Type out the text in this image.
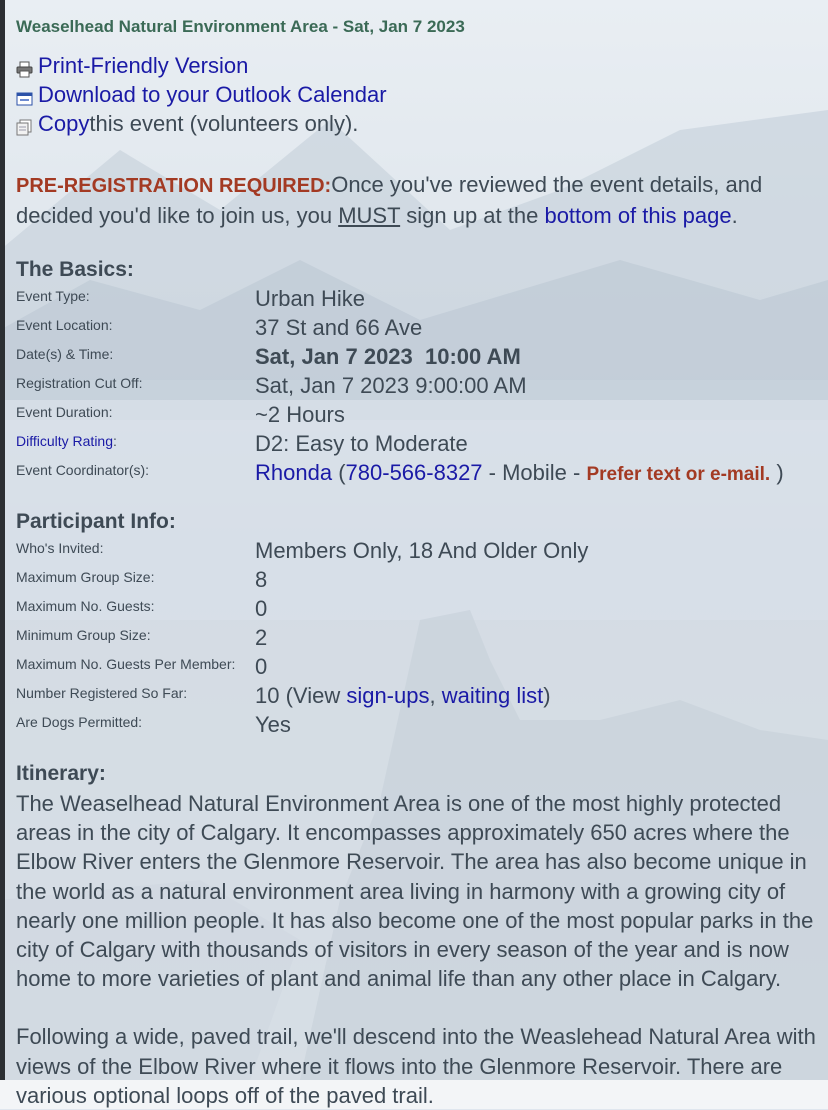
Weaselhead Natural Environment Area - Sat, Jan 7 2023
Print-Friendly Version
Download to your Outlook Calendar
Copy this event (volunteers only).
PRE-REGISTRATION REQUIRED:Once you've reviewed the event details, and decided you'd like to join us, you MUST sign up at the bottom of this page.
The Basics:
Event Type:	Urban Hike
Event Location:	37 St and 66 Ave
Date(s) & Time:	Sat, Jan 7 2023  10:00 AM
Registration Cut Off:	Sat, Jan 7 2023 9:00:00 AM
Event Duration:	~2 Hours
Difficulty Rating:	D2: Easy to Moderate
Event Coordinator(s):	Rhonda (780-566-8327 - Mobile - Prefer text or e-mail. )
Participant Info:
Who's Invited:	Members Only, 18 And Older Only
Maximum Group Size:	8
Maximum No. Guests:	0
Minimum Group Size:	2
Maximum No. Guests Per Member: 0
Number Registered So Far:	10 (View sign-ups, waiting list)
Are Dogs Permitted:	Yes
Itinerary:

The Weaselhead Natural Environment Area is one of the most highly protected

areas in the city of Calgary. It encompasses approximately 650 acres where the

Elbow River enters the Glenmore Reservoir. The area has also become unique in

the world as a natural environment area living in harmony with a growing city of

nearly one million people. It has also become one of the most popular parks in the

city of Calgary with thousands of visitors in every season of the year and is now

home to more varieties of plant and animal life than any other place in Calgary.

Following a wide, paved trail, we'll descend into the Weaslehead Natural Area with

views of the Elbow River where it flows into the Glenmore Reservoir. There are

various optional loops off of the paved trail.
